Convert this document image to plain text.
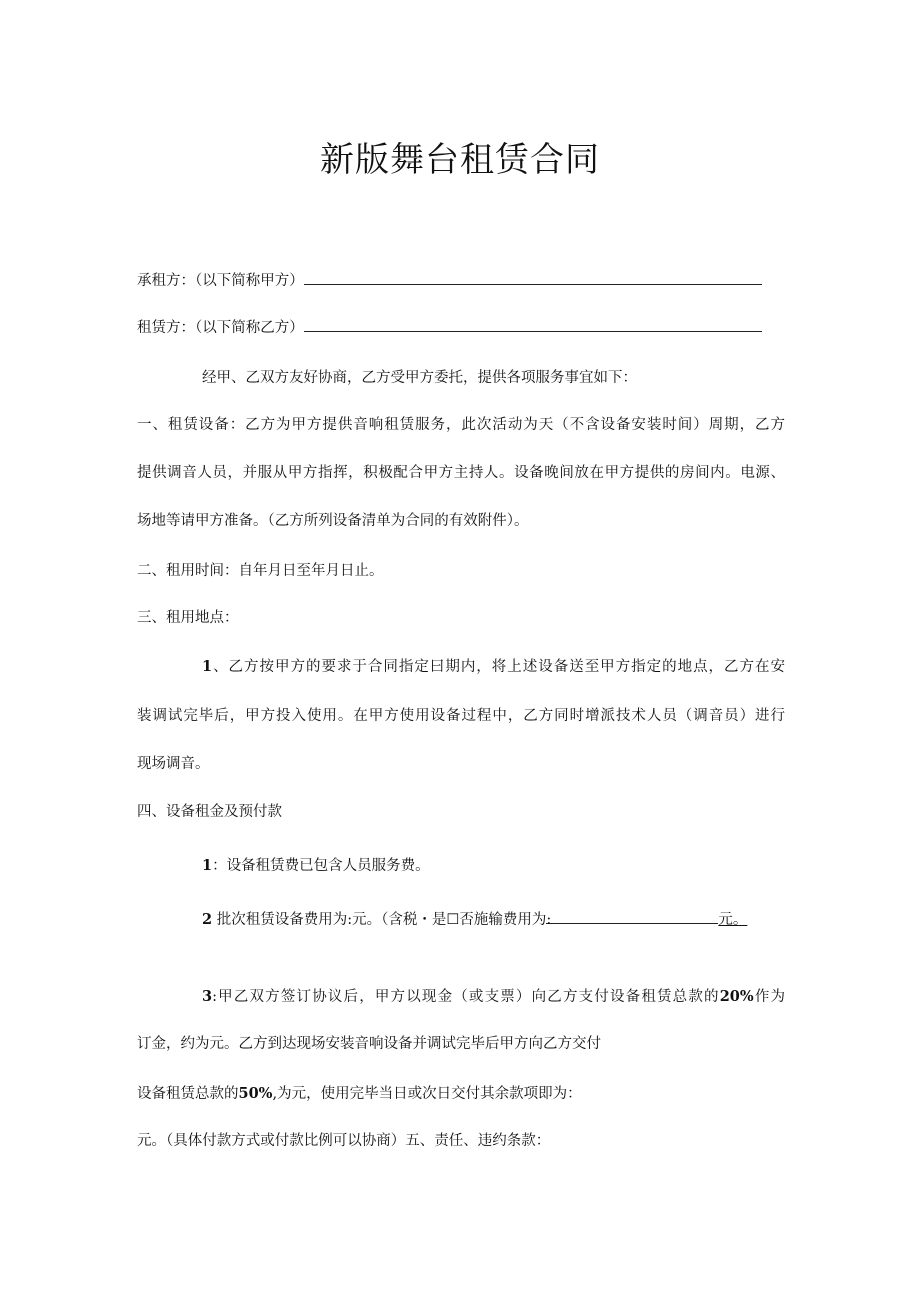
新版舞台租赁合同
承租方：（以下简称甲方）
租赁方：（以下简称乙方）
经甲、乙双方友好协商，乙方受甲方委托，提供各项服务事宜如下：
一、租赁设备：乙方为甲方提供音响租赁服务，此次活动为天（不含设备安装时间）周期，乙方
提供调音人员，并服从甲方指挥，积极配合甲方主持人。设备晚间放在甲方提供的房间内。电源、
场地等请甲方准备。（乙方所列设备清单为合同的有效附件）。
二、租用时间：自年月日至年月日止。
三、租用地点：
1、乙方按甲方的要求于合同指定曰期内，将上述设备送至甲方指定的地点，乙方在安
装调试完毕后，甲方投入使用。在甲方使用设备过程中，乙方同时增派技术人员（调音员）进行
现场调音。
四、设备租金及预付款
1：设备租赁费已包含人员服务费。
2 批次租赁设备费用为:元。（含税・是☐否施输费用为:	元。
3:甲乙双方签订协议后，甲方以现金（或支票）向乙方支付设备租赁总款的20%作为
订金，约为元。乙方到达现场安装音响设备并调试完毕后甲方向乙方交付
设备租赁总款的50%,为元，使用完毕当日或次日交付其余款项即为：
元。（具体付款方式或付款比例可以协商）五、责任、违约条款：
